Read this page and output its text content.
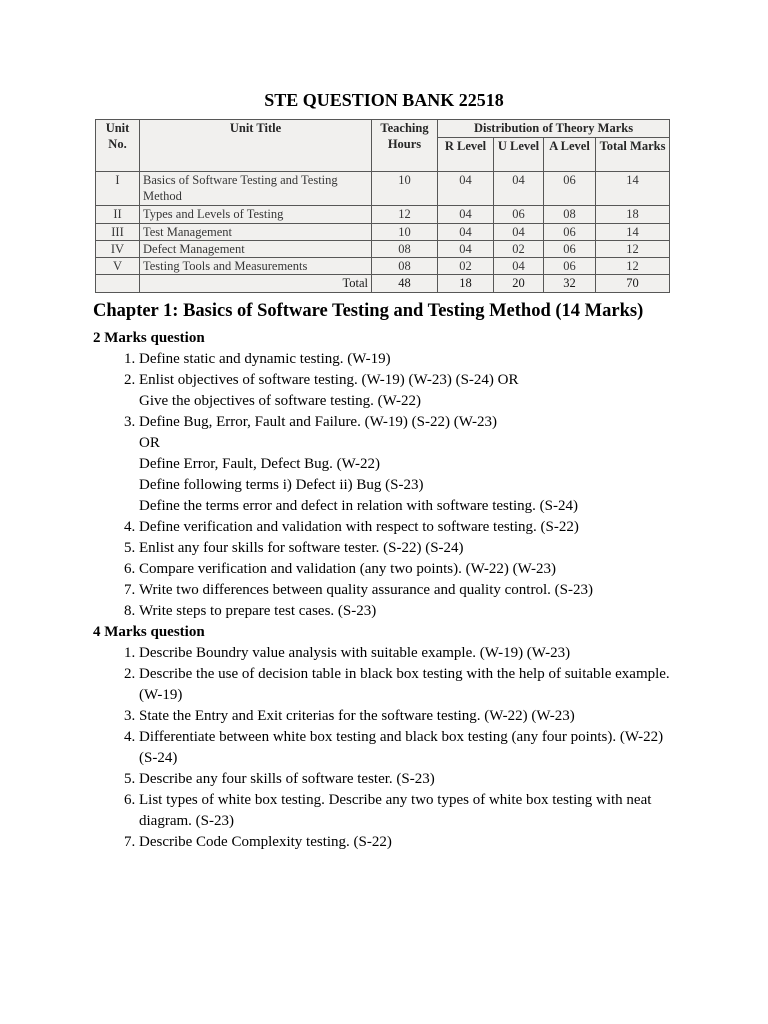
STE QUESTION BANK 22518
Unit No.	Unit Title	Teaching Hours	Distribution of Theory Marks			
			R Level	U Level	A Level	Total Marks
I	Basics of Software Testing and Testing Method	10	04	04	06	14
II	Types and Levels of Testing	12	04	06	08	18
III	Test Management	10	04	04	06	14
IV	Defect Management	08	04	02	06	12
V	Testing Tools and Measurements	08	02	04	06	12
	Total	48	18	20	32	70
Chapter 1: Basics of Software Testing and Testing Method (14 Marks)

2 Marks question

1. Define static and dynamic testing. (W-19)
2. Enlist objectives of software testing. (W-19) (W-23) (S-24) OR
Give the objectives of software testing. (W-22)
3. Define Bug, Error, Fault and Failure. (W-19) (S-22) (W-23)
OR
Define Error, Fault, Defect Bug. (W-22)
Define following terms i) Defect ii) Bug (S-23)
Define the terms error and defect in relation with software testing. (S-24)
4. Define verification and validation with respect to software testing. (S-22)
5. Enlist any four skills for software tester. (S-22) (S-24)
6. Compare verification and validation (any two points). (W-22) (W-23)
7. Write two differences between quality assurance and quality control. (S-23)
8. Write steps to prepare test cases. (S-23)

4 Marks question

1. Describe Boundry value analysis with suitable example. (W-19) (W-23)
2. Describe the use of decision table in black box testing with the help of suitable example. (W-19)
3. State the Entry and Exit criterias for the software testing. (W-22) (W-23)
4. Differentiate between white box testing and black box testing (any four points). (W-22) (S-24)
5. Describe any four skills of software tester. (S-23)
6. List types of white box testing. Describe any two types of white box testing with neat diagram. (S-23)
7. Describe Code Complexity testing. (S-22)
